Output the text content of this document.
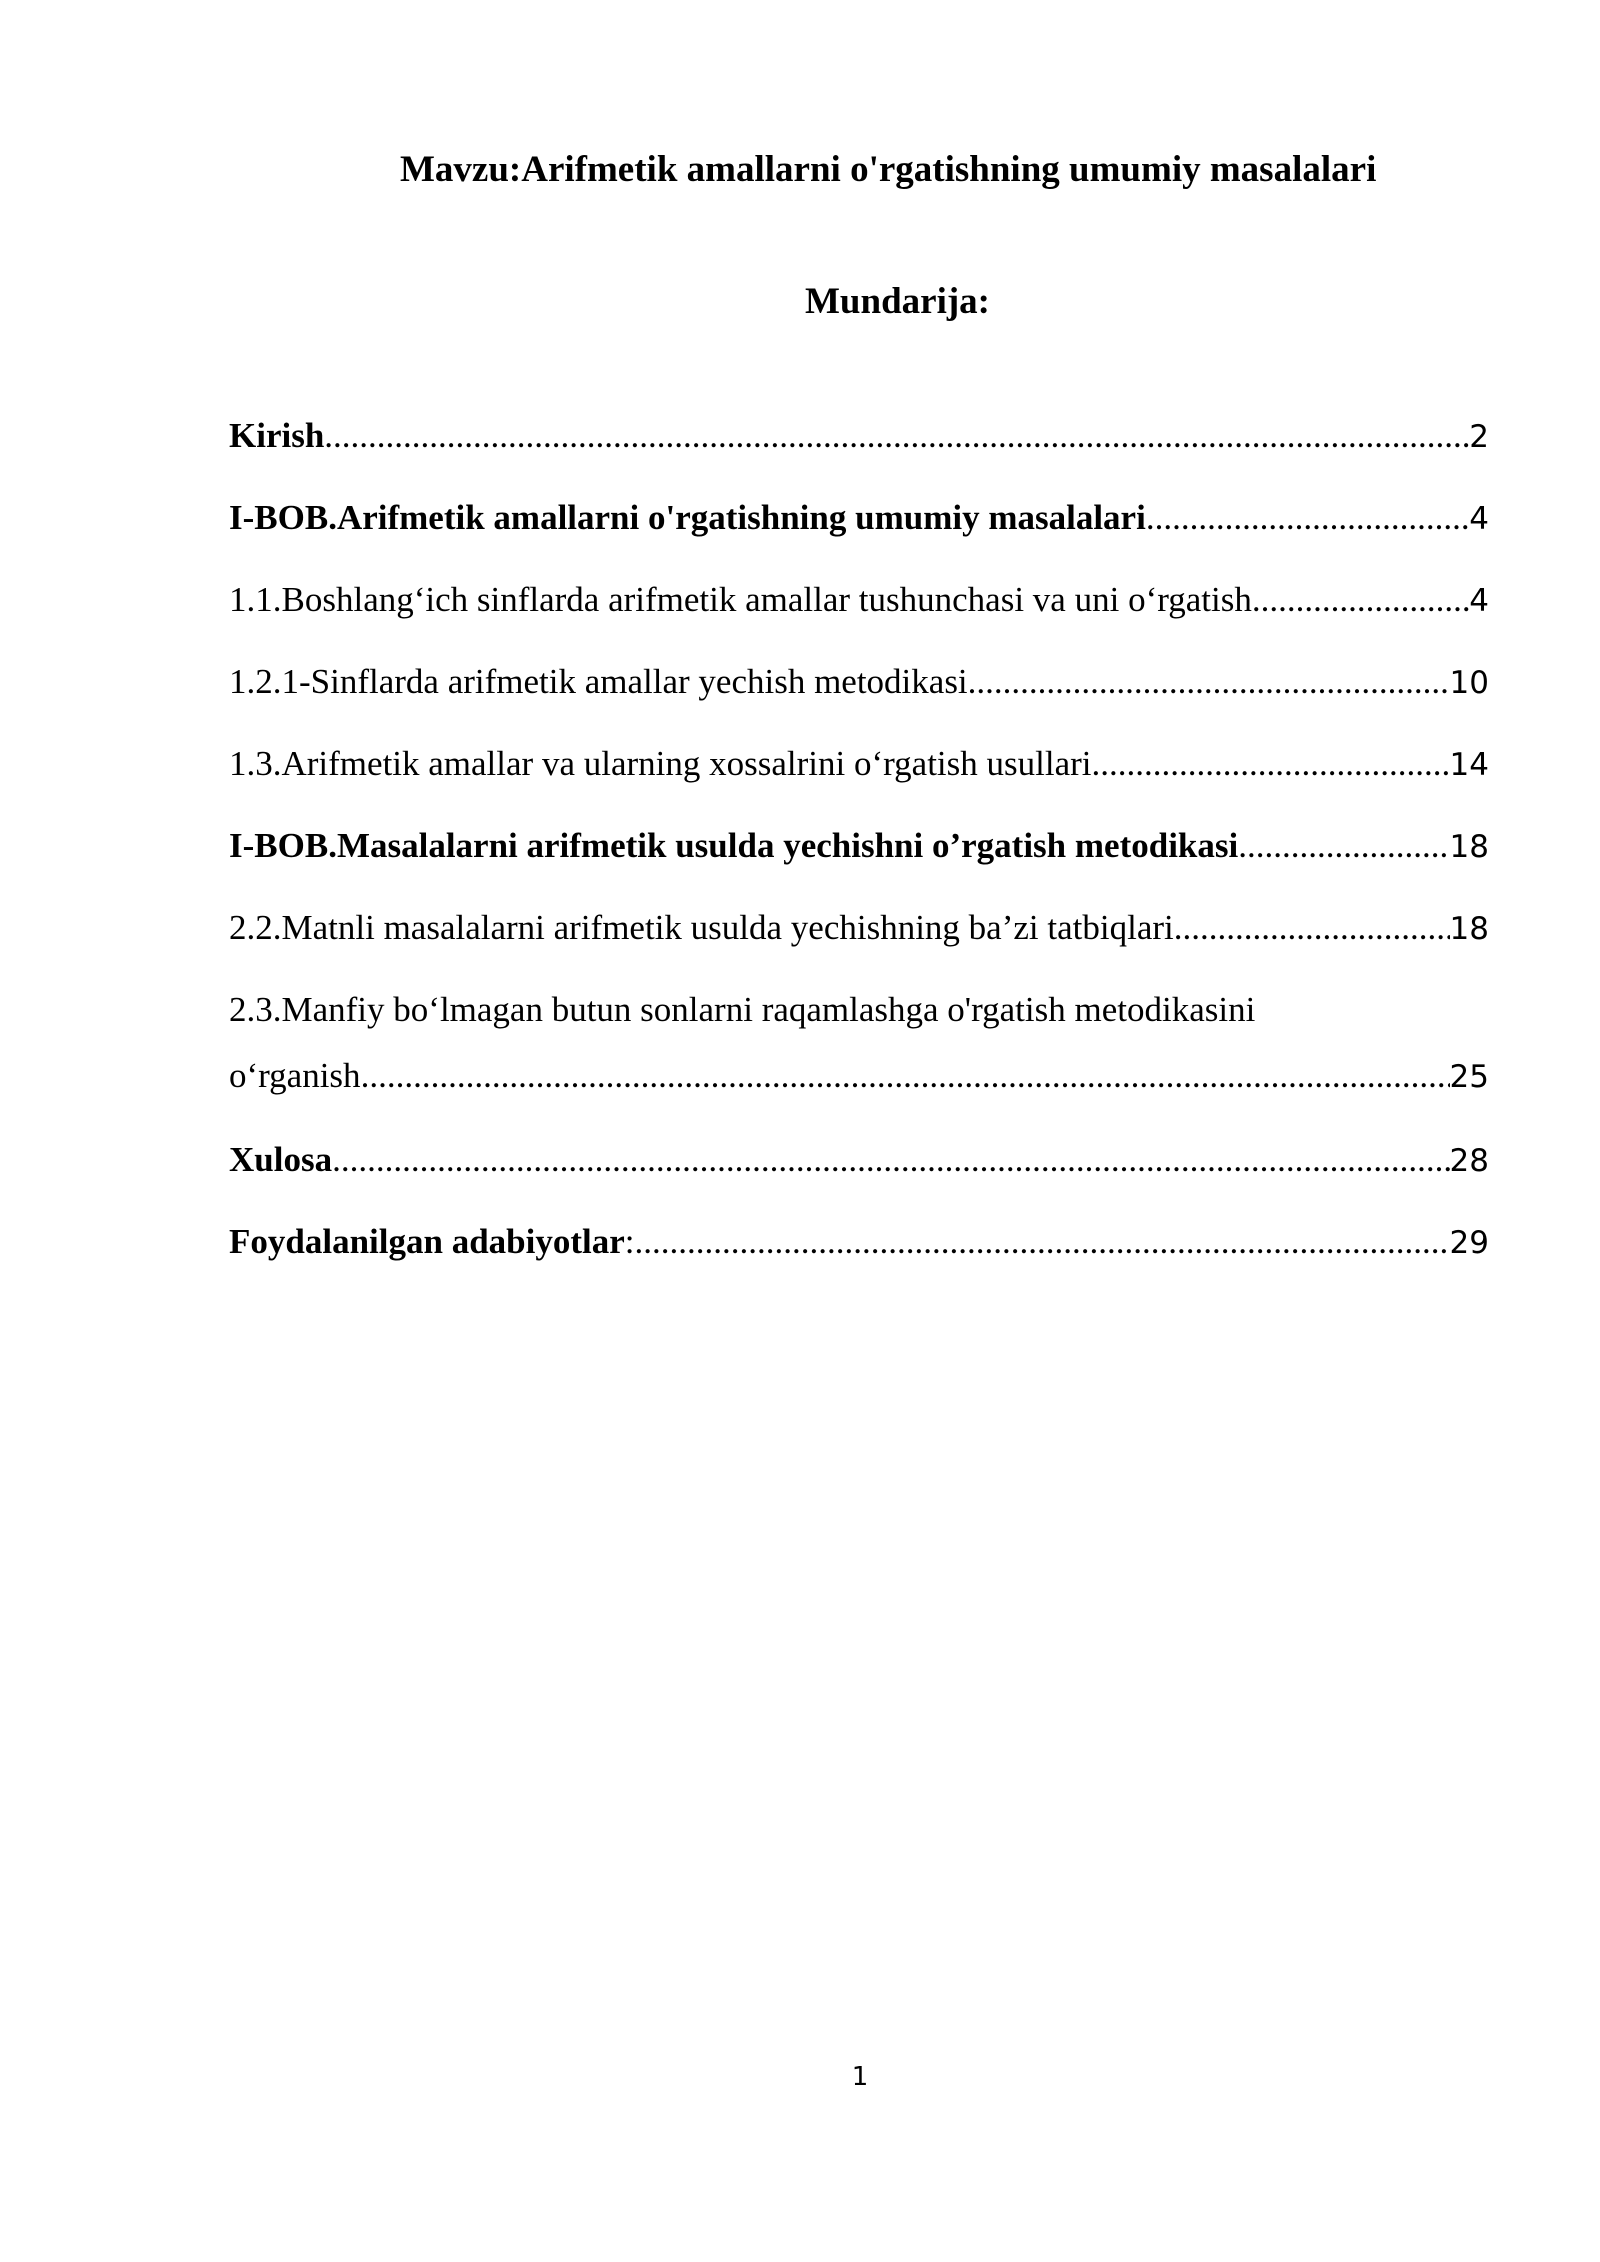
Mavzu:Arifmetik amallarni o'rgatishning umumiy masalalari
Mundarija:
Kirish .....	2
I-BOB.Arifmetik amallarni o'rgatishning umumiy masalalari .....	4
1.1.Boshlang‘ich sinflarda arifmetik amallar tushunchasi va uni o‘rgatish .....	4
1.2.1-Sinflarda arifmetik amallar yechish metodikasi .....	10
1.3.Arifmetik amallar va ularning xossalrini o‘rgatish usullari .....	14
I-BOB.Masalalarni arifmetik usulda yechishni o’rgatish metodikasi .....	18
2.2.Matnli masalalarni arifmetik usulda yechishning ba’zi tatbiqlari .....	18
2.3.Manfiy bo‘lmagan butun sonlarni raqamlashga o'rgatish metodikasini
o‘rganish .....	25
Xulosa .....	28
Foydalanilgan adabiyotlar : .....	29
1
